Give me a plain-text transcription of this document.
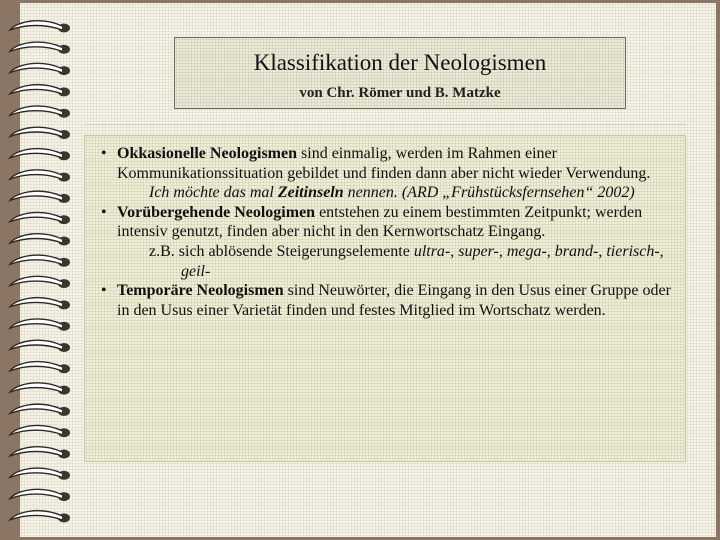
Klassifikation der Neologismen
von Chr. Römer und B. Matzke
• Okkasionelle Neologismen sind einmalig, werden im Rahmen einer Kommunikationssituation gebildet und finden dann aber nicht wieder Verwendung.
Ich möchte das mal Zeitinseln nennen. (ARD „Frühstücksfernsehen“ 2002)
• Vorübergehende Neologimen entstehen zu einem bestimmten Zeitpunkt; werden intensiv genutzt, finden aber nicht in den Kernwortschatz Eingang.
z.B. sich ablösende Steigerungselemente ultra-, super-, mega-, brand-, tierisch-, geil-
• Temporäre Neologismen sind Neuwörter, die Eingang in den Usus einer Gruppe oder in den Usus einer Varietät finden und festes Mitglied im Wortschatz werden.
